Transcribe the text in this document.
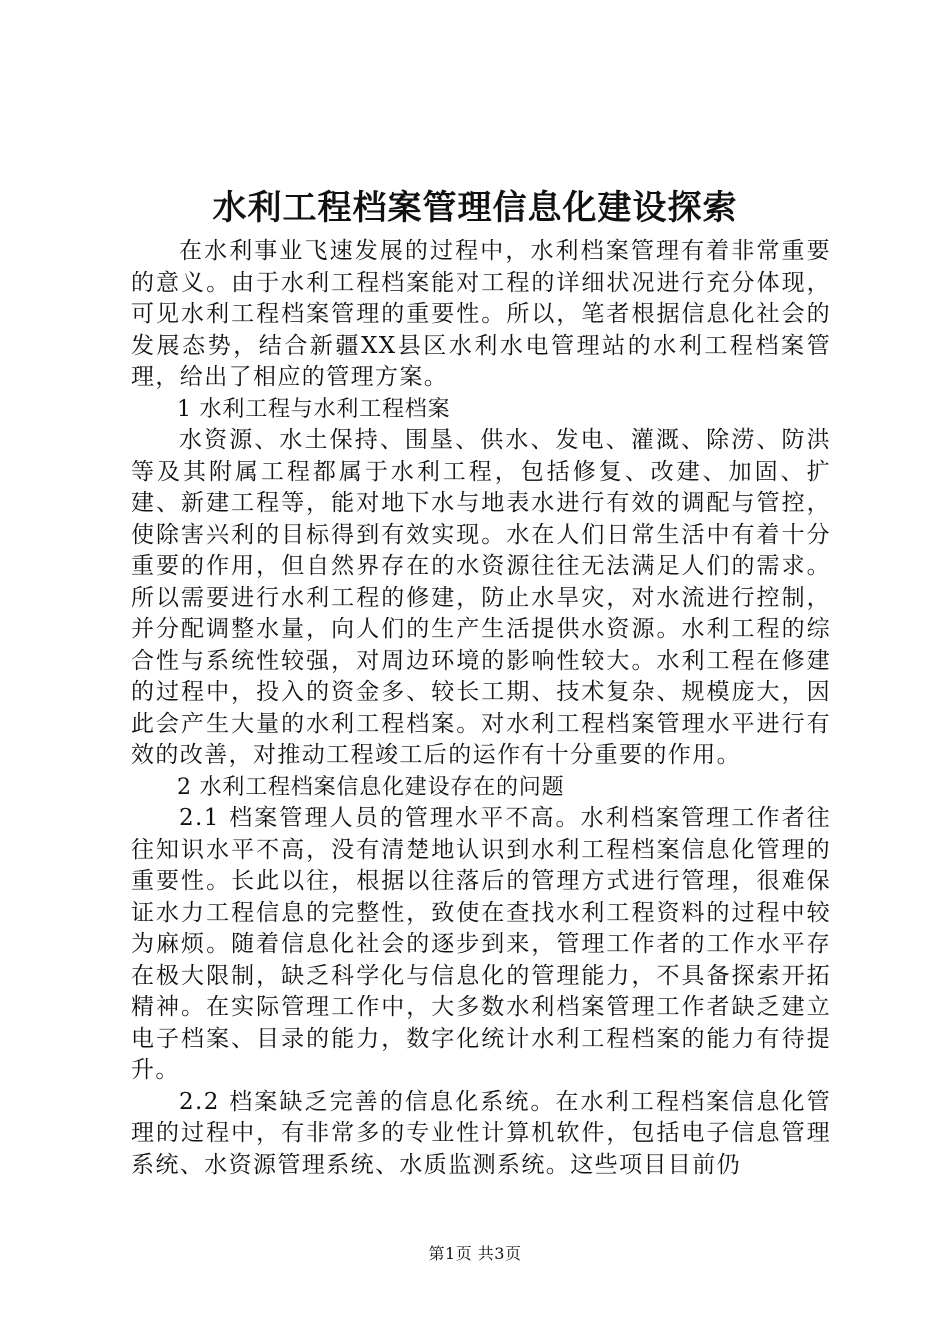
水利工程档案管理信息化建设探索

在水利事业飞速发展的过程中，水利档案管理有着非常重要的意义。由于水利工程档案能对工程的详细状况进行充分体现，可见水利工程档案管理的重要性。所以，笔者根据信息化社会的发展态势，结合新疆XX县区水利水电管理站的水利工程档案管理，给出了相应的管理方案。

1 水利工程与水利工程档案

水资源、水土保持、围垦、供水、发电、灌溉、除涝、防洪等及其附属工程都属于水利工程，包括修复、改建、加固、扩建、新建工程等，能对地下水与地表水进行有效的调配与管控，使除害兴利的目标得到有效实现。水在人们日常生活中有着十分重要的作用，但自然界存在的水资源往往无法满足人们的需求。所以需要进行水利工程的修建，防止水旱灾，对水流进行控制，并分配调整水量，向人们的生产生活提供水资源。水利工程的综合性与系统性较强，对周边环境的影响性较大。水利工程在修建的过程中，投入的资金多、较长工期、技术复杂、规模庞大，因此会产生大量的水利工程档案。对水利工程档案管理水平进行有效的改善，对推动工程竣工后的运作有十分重要的作用。

2 水利工程档案信息化建设存在的问题

2.1 档案管理人员的管理水平不高。水利档案管理工作者往往知识水平不高，没有清楚地认识到水利工程档案信息化管理的重要性。长此以往，根据以往落后的管理方式进行管理，很难保证水力工程信息的完整性，致使在查找水利工程资料的过程中较为麻烦。随着信息化社会的逐步到来，管理工作者的工作水平存在极大限制，缺乏科学化与信息化的管理能力，不具备探索开拓精神。在实际管理工作中，大多数水利档案管理工作者缺乏建立电子档案、目录的能力，数字化统计水利工程档案的能力有待提升。

2.2 档案缺乏完善的信息化系统。在水利工程档案信息化管理的过程中，有非常多的专业性计算机软件，包括电子信息管理系统、水资源管理系统、水质监测系统。这些项目目前仍

第1页 共3页
